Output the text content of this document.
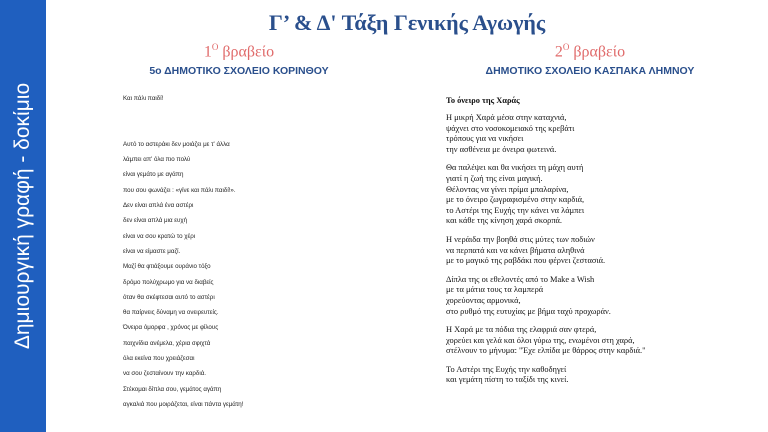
Δημιουργική γραφή - δοκίμιο
Γ’ & Δ' Τάξη Γενικής Αγωγής

$1^O$ βραβείο

5ο ΔΗΜΟΤΙΚΟ ΣΧΟΛΕΙΟ ΚΟΡΙΝΘΟΥ

$2^O$ βραβείο

ΔΗΜΟΤΙΚΟ ΣΧΟΛΕΙΟ ΚΑΣΠΑΚΑ ΛΗΜΝΟΥ

Και πάλι παιδί!
Αυτό το αστεράκι δεν μοιάζει με τ' άλλα
λάμπει απ' όλα πιο πολύ
είναι γεμάτο με αγάπη
που σου φωνάζει : «γίνε και πάλι παιδί!».
Δεν είναι απλά ένα αστέρι
δεν είναι απλά μια ευχή
είναι να σου κρατώ το χέρι
είναι να είμαστε μαζί.
Μαζί θα φτιάξουμε ουράνιο τόξο
δρόμο πολύχρωμο για να διαβείς
όταν θα σκέφτεσαι αυτό το αστέρι
θα παίρνεις δύναμη να ονειρευτείς.
Όνειρα όμορφα , χρόνος με φίλους
παιχνίδια ανέμελα, χέρια σφιχτά
όλα εκείνα που χρειάζεσαι
να σου ζεσταίνουν την καρδιά.
Στέκομαι δίπλα σου, γεμάτος αγάπη
αγκαλιά που μοιράζεται, είναι πάντα γεμάτη!

Το όνειρο της Χαράς

Η μικρή Χαρά μέσα στην καταχνιά,
ψάχνει στο νοσοκομειακό της κρεβάτι
τρόπους για να νικήσει
την ασθένεια με όνειρα φωτεινά.
Θα παλέψει και θα νικήσει τη μάχη αυτή
γιατί η ζωή της είναι μαγική.
Θέλοντας να γίνει πρίμα μπαλαρίνα,
με το όνειρο ζωγραφισμένο στην καρδιά,
το Αστέρι της Ευχής την κάνει να λάμπει
και κάθε της κίνηση χαρά σκορπά.
Η νεράιδα την βοηθά στις μύτες των ποδιών
να περπατά και να κάνει βήματα αληθινά
με το μαγικό της ραβδάκι που φέρνει ζεστασιά.
Δίπλα της οι εθελοντές από το Make a Wish
με τα μάτια τους τα λαμπερά
χορεύοντας αρμονικά,
στο ρυθμό της ευτυχίας με βήμα ταχύ προχωράν.
Η Χαρά με τα πόδια της ελαφριά σαν φτερά,
χορεύει και γελά και όλοι γύρω της, ενωμένοι στη χαρά,
στέλνουν το μήνυμα: "Έχε ελπίδα με θάρρος στην καρδιά."
Το Αστέρι της Ευχής την καθοδηγεί
και γεμάτη πίστη το ταξίδι της κινεί.
